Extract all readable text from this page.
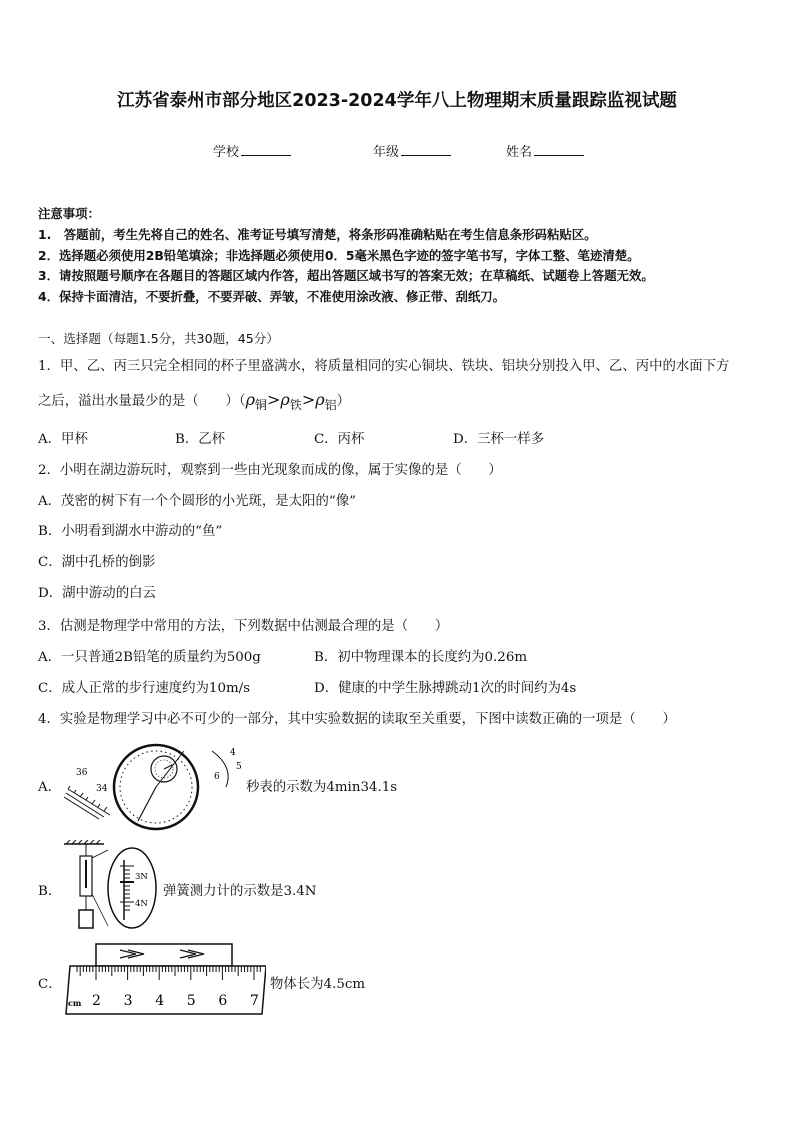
江苏省泰州市部分地区2023-2024学年八上物理期末质量跟踪监视试题
学校	年级	姓名
注意事项：
1.　答题前，考生先将自己的姓名、准考证号填写清楚，将条形码准确粘贴在考生信息条形码粘贴区。
2．选择题必须使用2B铅笔填涂；非选择题必须使用0．5毫米黑色字迹的签字笔书写，字体工整、笔迹清楚。
3．请按照题号顺序在各题目的答题区域内作答，超出答题区域书写的答案无效；在草稿纸、试题卷上答题无效。
4．保持卡面清洁，不要折叠，不要弄破、弄皱，不准使用涂改液、修正带、刮纸刀。
一、选择题（每题1.5分，共30题，45分）
1．甲、乙、丙三只完全相同的杯子里盛满水，将质量相同的实心铜块、铁块、铝块分别投入甲、乙、丙中的水面下方
之后，溢出水量最少的是（　　）$(\rho_铜>\rho_铁>\rho_铝)$
A．甲杯	B．乙杯	C．丙杯	D．三杯一样多
2．小明在湖边游玩时，观察到一些由光现象而成的像，属于实像的是（　　）
A．茂密的树下有一个个圆形的小光斑，是太阳的“像”
B．小明看到湖水中游动的“鱼”
C．湖中孔桥的倒影
D．湖中游动的白云
3．估测是物理学中常用的方法，下列数据中估测最合理的是（　　）
A．一只普通2B铅笔的质量约为500g	B．初中物理课本的长度约为0.26m
C．成人正常的步行速度约为10m/s	D．健康的中学生脉搏跳动1次的时间约为4s
4．实验是物理学习中必不可少的一部分，其中实验数据的读取至关重要，下图中读数正确的一项是（　　）
A．
36
34
4
5
6
秒表的示数为4min34.1s
B．
3N
4N
弹簧测力计的示数是3.4N
C．
cm 2 3 4 5 6 7
物体长为4.5cm
